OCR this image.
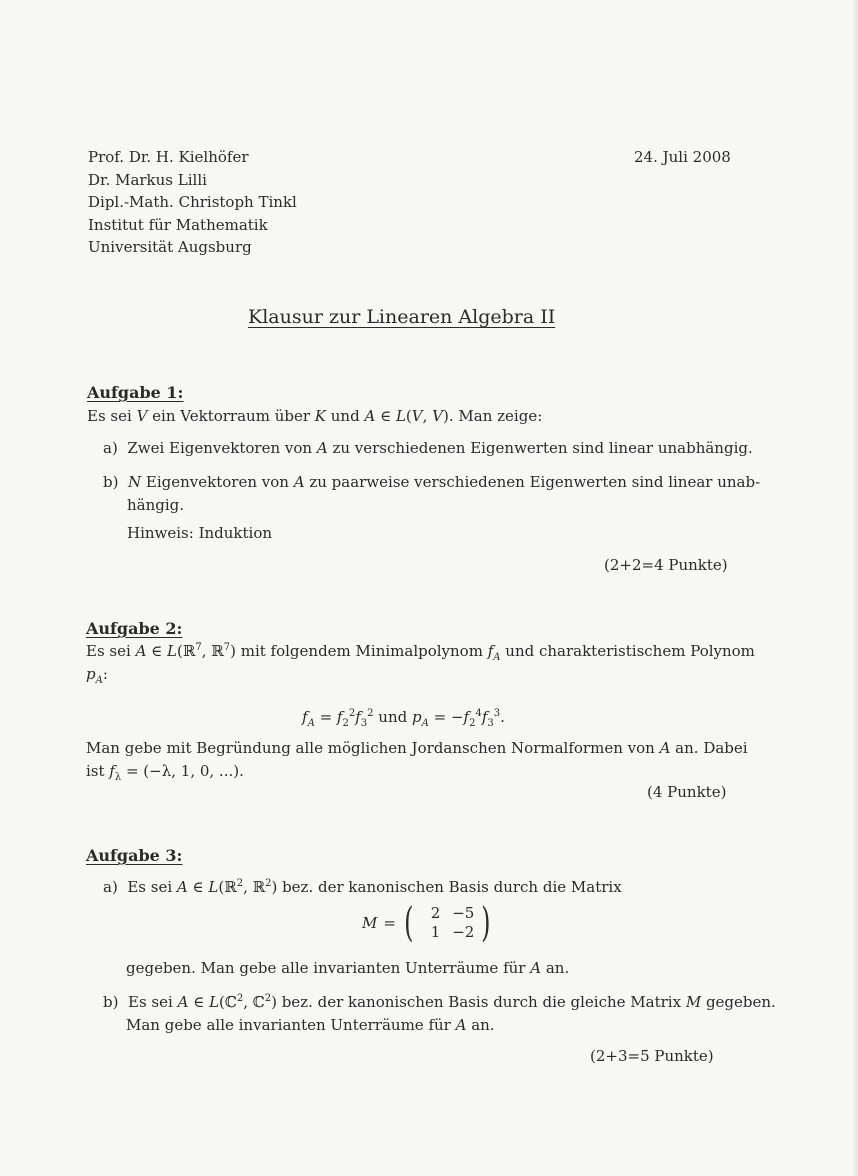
Prof. Dr. H. Kielhöfer
Dr. Markus Lilli
Dipl.-Math. Christoph Tinkl
Institut für Mathematik
Universität Augsburg
24. Juli 2008
Klausur zur Linearen Algebra II
Aufgabe 1:
Es sei V ein Vektorraum über K und A ∈ L(V, V). Man zeige:
a) Zwei Eigenvektoren von A zu verschiedenen Eigenwerten sind linear unabhängig.
b) N Eigenvektoren von A zu paarweise verschiedenen Eigenwerten sind linear unab-
hängig.
Hinweis: Induktion
(2+2=4 Punkte)
Aufgabe 2:
Es sei A ∈ L(ℝ$^7$, ℝ$^7$) mit folgendem Minimalpolynom $f_A$ und charakteristischem Polynom
$p_A$:
$f_A = f_2^2f_3^2$ und $p_A = -f_2^4f_3^3$.
Man gebe mit Begründung alle möglichen Jordanschen Normalformen von A an. Dabei
ist $f_\lambda = (-\lambda$, 1, 0, ...).
(4 Punkte)
Aufgabe 3:
a) Es sei A ∈ L(ℝ$^2$, ℝ$^2$) bez. der kanonischen Basis durch die Matrix
M = (	2 −5
1 −2 )
gegeben. Man gebe alle invarianten Unterräume für A an.
b) Es sei A ∈ L(ℂ$^2$, ℂ$^2$) bez. der kanonischen Basis durch die gleiche Matrix M gegeben.
Man gebe alle invarianten Unterräume für A an.
(2+3=5 Punkte)
